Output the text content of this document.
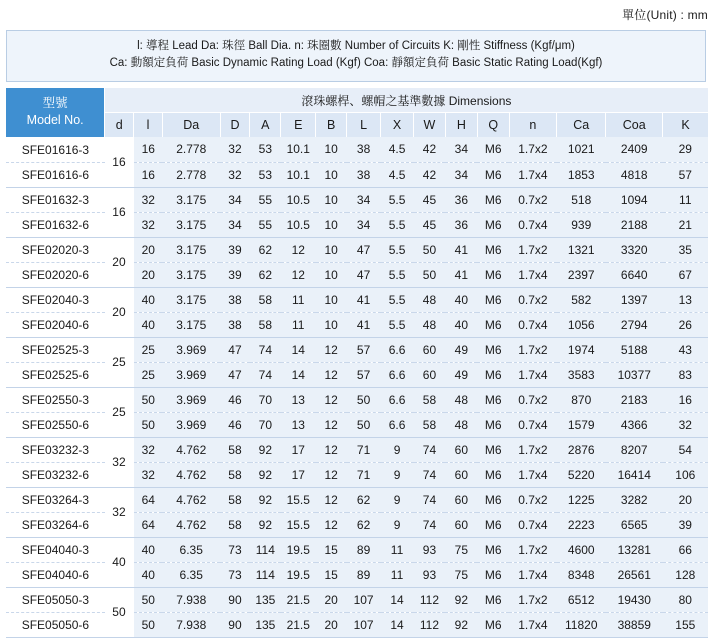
單位(Unit) : mm
l: 導程 Lead Da: 珠徑 Ball Dia. n: 珠圈數 Number of Circuits K: 剛性 Stiffness (Kgf/μm)
Ca: 動額定負荷 Basic Dynamic Rating Load (Kgf) Coa: 靜額定負荷 Basic Static Rating Load(Kgf)
型號
Model No.	滾珠螺桿、螺帽之基準數據 Dimensions															
	d	l	Da	D	A	E	B	L	X	W	H	Q	n	Ca	Coa	K
SFE01616-3	16	16	2.778	32	53	10.1	10	38	4.5	42	34	M6	1.7x2	1021	2409	29
SFE01616-6		16	2.778	32	53	10.1	10	38	4.5	42	34	M6	1.7x4	1853	4818	57
SFE01632-3	16	32	3.175	34	55	10.5	10	34	5.5	45	36	M6	0.7x2	518	1094	11
SFE01632-6		32	3.175	34	55	10.5	10	34	5.5	45	36	M6	0.7x4	939	2188	21
SFE02020-3	20	20	3.175	39	62	12	10	47	5.5	50	41	M6	1.7x2	1321	3320	35
SFE02020-6		20	3.175	39	62	12	10	47	5.5	50	41	M6	1.7x4	2397	6640	67
SFE02040-3	20	40	3.175	38	58	11	10	41	5.5	48	40	M6	0.7x2	582	1397	13
SFE02040-6		40	3.175	38	58	11	10	41	5.5	48	40	M6	0.7x4	1056	2794	26
SFE02525-3	25	25	3.969	47	74	14	12	57	6.6	60	49	M6	1.7x2	1974	5188	43
SFE02525-6		25	3.969	47	74	14	12	57	6.6	60	49	M6	1.7x4	3583	10377	83
SFE02550-3	25	50	3.969	46	70	13	12	50	6.6	58	48	M6	0.7x2	870	2183	16
SFE02550-6		50	3.969	46	70	13	12	50	6.6	58	48	M6	0.7x4	1579	4366	32
SFE03232-3	32	32	4.762	58	92	17	12	71	9	74	60	M6	1.7x2	2876	8207	54
SFE03232-6		32	4.762	58	92	17	12	71	9	74	60	M6	1.7x4	5220	16414	106
SFE03264-3	32	64	4.762	58	92	15.5	12	62	9	74	60	M6	0.7x2	1225	3282	20
SFE03264-6		64	4.762	58	92	15.5	12	62	9	74	60	M6	0.7x4	2223	6565	39
SFE04040-3	40	40	6.35	73	114	19.5	15	89	11	93	75	M6	1.7x2	4600	13281	66
SFE04040-6		40	6.35	73	114	19.5	15	89	11	93	75	M6	1.7x4	8348	26561	128
SFE05050-3	50	50	7.938	90	135	21.5	20	107	14	112	92	M6	1.7x2	6512	19430	80
SFE05050-6		50	7.938	90	135	21.5	20	107	14	112	92	M6	1.7x4	11820	38859	155
